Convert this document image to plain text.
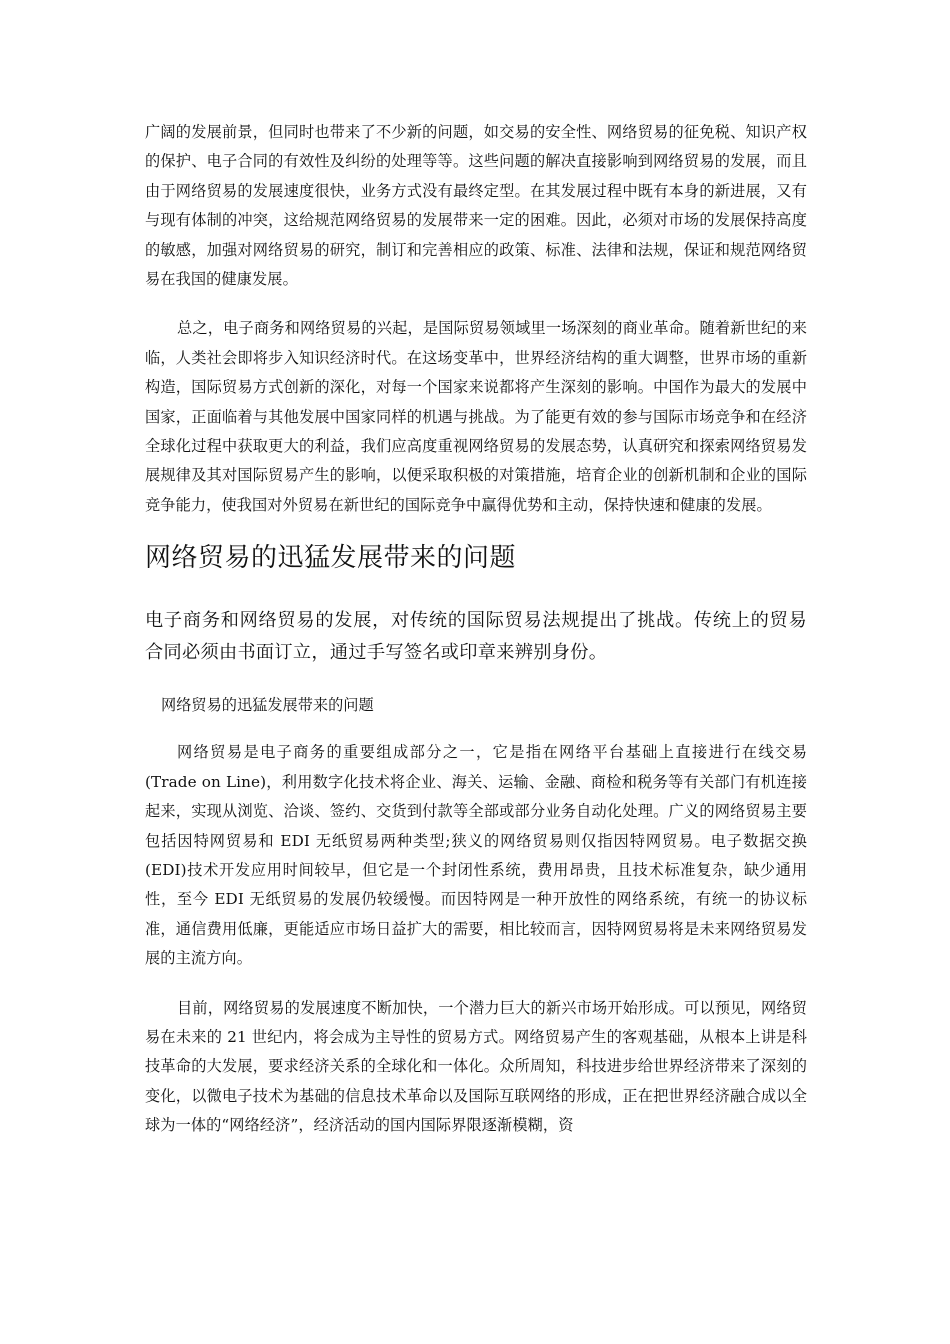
广阔的发展前景，但同时也带来了不少新的问题，如交易的安全性、网络贸易的征免税、知识产权的保护、电子合同的有效性及纠纷的处理等等。这些问题的解决直接影响到网络贸易的发展，而且由于网络贸易的发展速度很快，业务方式没有最终定型。在其发展过程中既有本身的新进展，又有与现有体制的冲突，这给规范网络贸易的发展带来一定的困难。因此，必须对市场的发展保持高度的敏感，加强对网络贸易的研究，制订和完善相应的政策、标准、法律和法规，保证和规范网络贸易在我国的健康发展。

总之，电子商务和网络贸易的兴起，是国际贸易领域里一场深刻的商业革命。随着新世纪的来临，人类社会即将步入知识经济时代。在这场变革中，世界经济结构的重大调整，世界市场的重新构造，国际贸易方式创新的深化，对每一个国家来说都将产生深刻的影响。中国作为最大的发展中国家，正面临着与其他发展中国家同样的机遇与挑战。为了能更有效的参与国际市场竞争和在经济全球化过程中获取更大的利益，我们应高度重视网络贸易的发展态势，认真研究和探索网络贸易发展规律及其对国际贸易产生的影响，以便采取积极的对策措施，培育企业的创新机制和企业的国际竞争能力，使我国对外贸易在新世纪的国际竞争中赢得优势和主动，保持快速和健康的发展。

网络贸易的迅猛发展带来的问题

电子商务和网络贸易的发展，对传统的国际贸易法规提出了挑战。传统上的贸易合同必须由书面订立，通过手写签名或印章来辨别身份。

网络贸易的迅猛发展带来的问题

网络贸易是电子商务的重要组成部分之一，它是指在网络平台基础上直接进行在线交易(Trade on Line)，利用数字化技术将企业、海关、运输、金融、商检和税务等有关部门有机连接起来，实现从浏览、洽谈、签约、交货到付款等全部或部分业务自动化处理。广义的网络贸易主要包括因特网贸易和 EDI 无纸贸易两种类型;狭义的网络贸易则仅指因特网贸易。电子数据交换(EDI)技术开发应用时间较早，但它是一个封闭性系统，费用昂贵，且技术标准复杂，缺少通用性，至今 EDI 无纸贸易的发展仍较缓慢。而因特网是一种开放性的网络系统，有统一的协议标准，通信费用低廉，更能适应市场日益扩大的需要，相比较而言，因特网贸易将是未来网络贸易发展的主流方向。

目前，网络贸易的发展速度不断加快，一个潜力巨大的新兴市场开始形成。可以预见，网络贸易在未来的 21 世纪内，将会成为主导性的贸易方式。网络贸易产生的客观基础，从根本上讲是科技革命的大发展，要求经济关系的全球化和一体化。众所周知，科技进步给世界经济带来了深刻的变化，以微电子技术为基础的信息技术革命以及国际互联网络的形成，正在把世界经济融合成以全球为一体的“网络经济”，经济活动的国内国际界限逐渐模糊，资
